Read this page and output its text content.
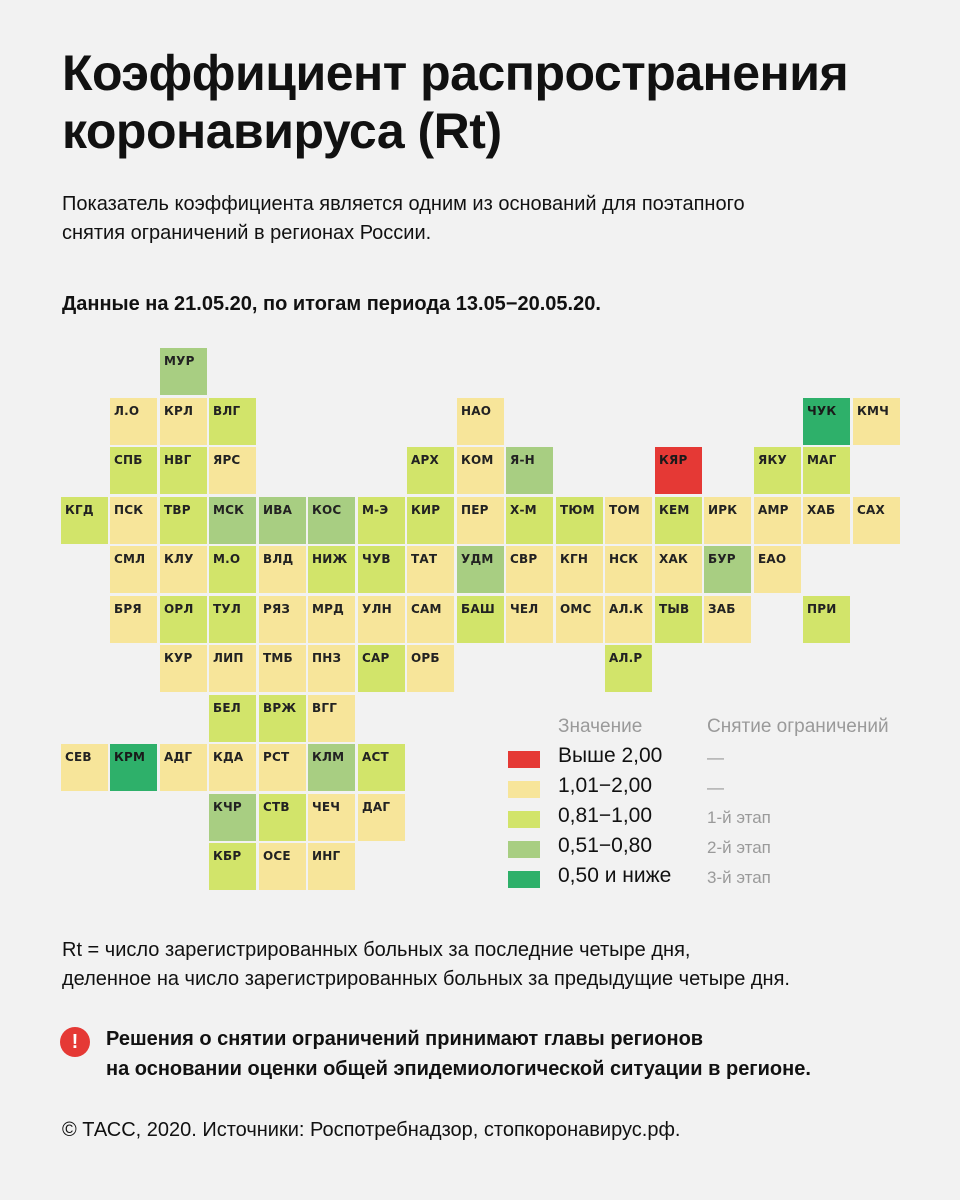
Коэффициент распространения
коронавируса (Rt)

Показатель коэффициента является одним из оснований для поэтапного
снятия ограничений в регионах России.

Данные на 21.05.20, по итогам периода 13.05−20.05.20.

МУР
Л.О	КРЛ	ВЛГ	НАО	ЧУК	КМЧ
СПБ	НВГ	ЯРС	АРХ	КОМ	Я-Н	КЯР	ЯКУ	МАГ
КГД	ПСК	ТВР	МСК	ИВА	КОС	М-Э	КИР	ПЕР	Х-М	ТЮМ	ТОМ	КЕМ	ИРК	АМР	ХАБ	САХ
СМЛ	КЛУ	М.О	ВЛД	НИЖ	ЧУВ	ТАТ	УДМ	СВР	КГН	НСК	ХАК	БУР	ЕАО
БРЯ	ОРЛ	ТУЛ	РЯЗ	МРД	УЛН	САМ	БАШ	ЧЕЛ	ОМС	АЛ.К	ТЫВ	ЗАБ	ПРИ
КУР	ЛИП	ТМБ	ПНЗ	САР	ОРБ	АЛ.Р
БЕЛ	ВРЖ	ВГГ
СЕВ	КРМ	АДГ	КДА	РСТ	КЛМ	АСТ
КЧР	СТВ	ЧЕЧ	ДАГ
КБР	ОСЕ	ИНГ
Значение	Снятие ограничений
Выше 2,00	—
1,01−2,00	—
0,81−1,00	1-й этап
0,51−0,80	2-й этап
0,50 и ниже 3-й этап

Rt = число зарегистрированных больных за последние четыре дня,
деленное на число зарегистрированных больных за предыдущие четыре дня.

!	Решения о снятии ограничений принимают главы регионов
на основании оценки общей эпидемиологической ситуации в регионе.

© ТАСС, 2020. Источники: Роспотребнадзор, стопкоронавирус.рф.
